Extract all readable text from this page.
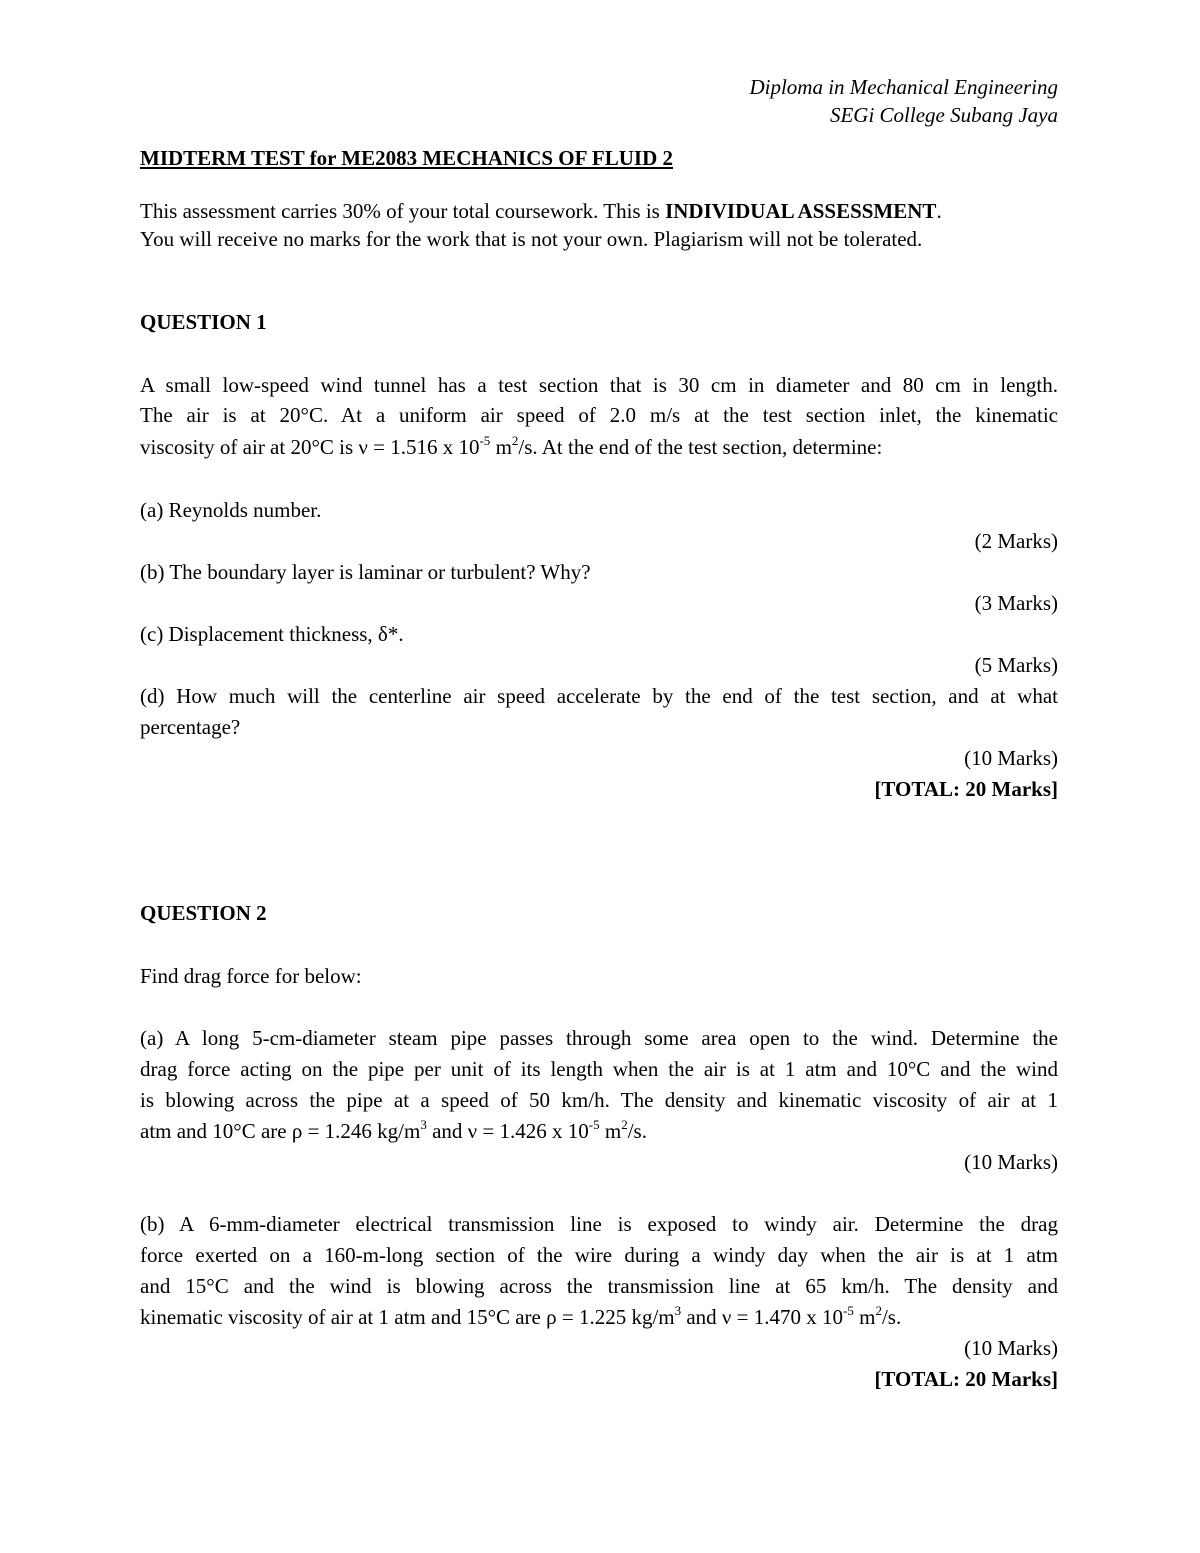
Diploma in Mechanical Engineering
SEGi College Subang Jaya
MIDTERM TEST for ME2083 MECHANICS OF FLUID 2
This assessment carries 30% of your total coursework. This is INDIVIDUAL ASSESSMENT.
You will receive no marks for the work that is not your own. Plagiarism will not be tolerated.
QUESTION 1
A small low-speed wind tunnel has a test section that is 30 cm in diameter and 80 cm in length.
The air is at 20°C. At a uniform air speed of 2.0 m/s at the test section inlet, the kinematic
viscosity of air at 20°C is ν = 1.516 x $10^{-5}$ $m^2/s$. At the end of the test section, determine:
(a) Reynolds number.
(2 Marks)
(b) The boundary layer is laminar or turbulent? Why?
(3 Marks)
(c) Displacement thickness, δ*.
(5 Marks)
(d) How much will the centerline air speed accelerate by the end of the test section, and at what
percentage?
(10 Marks)
[TOTAL: 20 Marks]
QUESTION 2
Find drag force for below:
(a) A long 5-cm-diameter steam pipe passes through some area open to the wind. Determine the
drag force acting on the pipe per unit of its length when the air is at 1 atm and 10°C and the wind
is blowing across the pipe at a speed of 50 km/h. The density and kinematic viscosity of air at 1
atm and 10°C are ρ = 1.246 $kg/m^3$ and ν = 1.426 x $10^{-5}$ $m^2/s$.
(10 Marks)
(b) A 6-mm-diameter electrical transmission line is exposed to windy air. Determine the drag
force exerted on a 160-m-long section of the wire during a windy day when the air is at 1 atm
and 15°C and the wind is blowing across the transmission line at 65 km/h. The density and
kinematic viscosity of air at 1 atm and 15°C are ρ = 1.225 $kg/m^3$ and ν = 1.470 x $10^{-5}$ $m^2/s$.
(10 Marks)
[TOTAL: 20 Marks]
